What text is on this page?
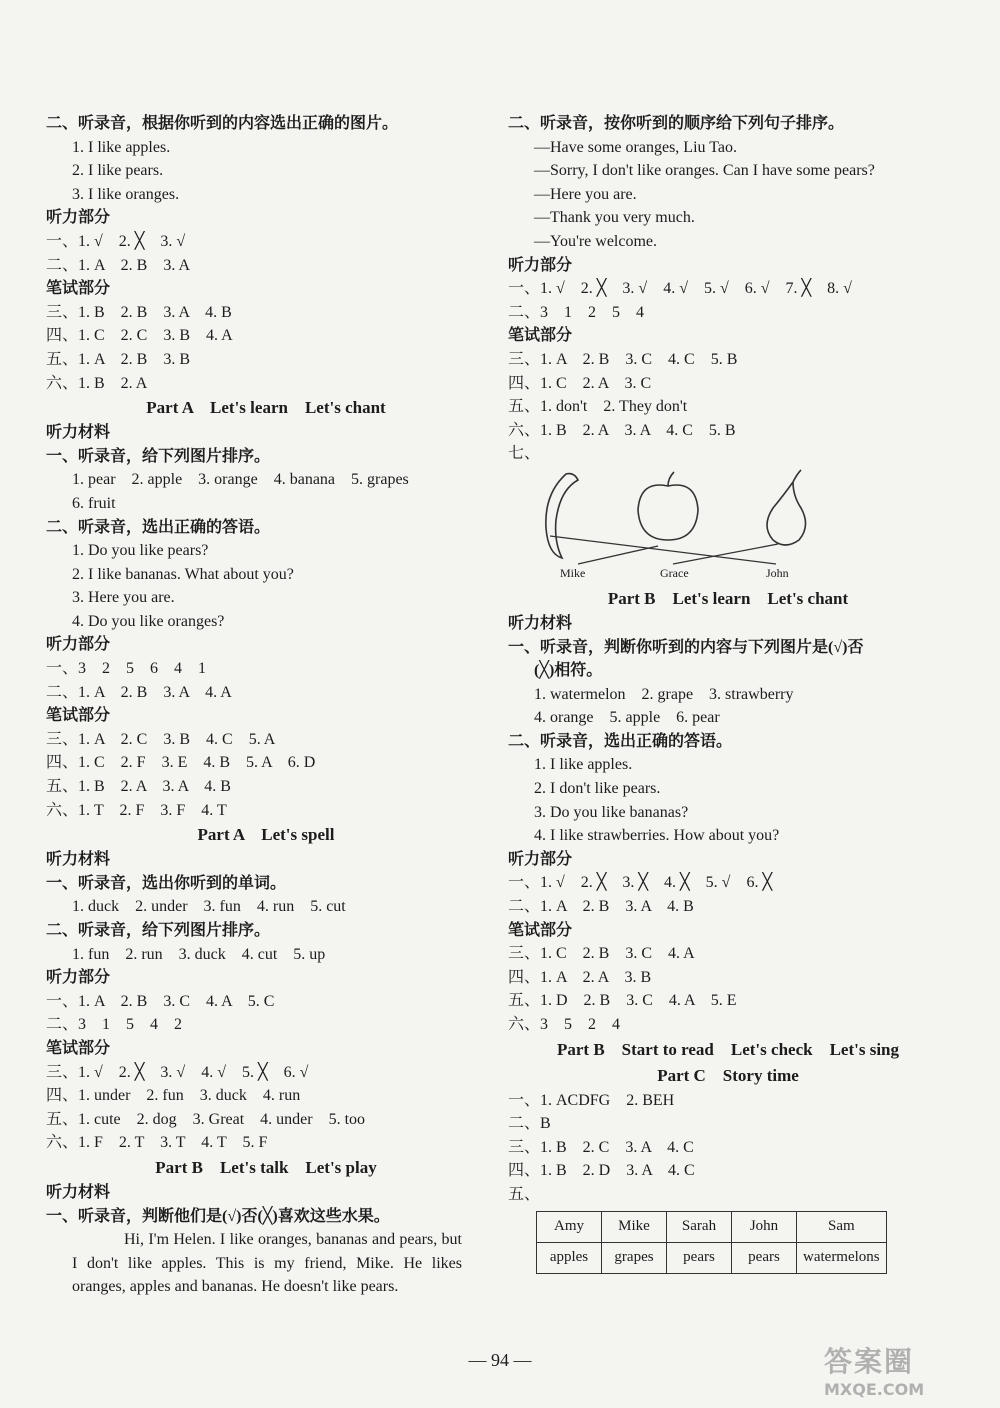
二、听录音，根据你听到的内容选出正确的图片。
1. I like apples.
2. I like pears.
3. I like oranges.
听力部分
一、1. √　2. ╳　3. √
二、1. A　2. B　3. A
笔试部分
三、1. B　2. B　3. A　4. B
四、1. C　2. C　3. B　4. A
五、1. A　2. B　3. B
六、1. B　2. A
Part A　Let's learn　Let's chant
听力材料
一、听录音，给下列图片排序。
1. pear　2. apple　3. orange　4. banana　5. grapes
6. fruit
二、听录音，选出正确的答语。
1. Do you like pears?
2. I like bananas. What about you?
3. Here you are.
4. Do you like oranges?
听力部分
一、3　2　5　6　4　1
二、1. A　2. B　3. A　4. A
笔试部分
三、1. A　2. C　3. B　4. C　5. A
四、1. C　2. F　3. E　4. B　5. A　6. D
五、1. B　2. A　3. A　4. B
六、1. T　2. F　3. F　4. T
Part A　Let's spell
听力材料
一、听录音，选出你听到的单词。
1. duck　2. under　3. fun　4. run　5. cut
二、听录音，给下列图片排序。
1. fun　2. run　3. duck　4. cut　5. up
听力部分
一、1. A　2. B　3. C　4. A　5. C
二、3　1　5　4　2
笔试部分
三、1. √　2. ╳　3. √　4. √　5. ╳　6. √
四、1. under　2. fun　3. duck　4. run
五、1. cute　2. dog　3. Great　4. under　5. too
六、1. F　2. T　3. T　4. T　5. F
Part B　Let's talk　Let's play
听力材料
一、听录音，判断他们是(√)否(╳)喜欢这些水果。
Hi, I'm Helen. I like oranges, bananas and pears, but I don't like apples. This is my friend, Mike. He likes oranges, apples and bananas. He doesn't like pears.
二、听录音，按你听到的顺序给下列句子排序。
—Have some oranges, Liu Tao.
—Sorry, I don't like oranges. Can I have some pears?
—Here you are.
—Thank you very much.
—You're welcome.
听力部分
一、1. √　2. ╳　3. √　4. √　5. √　6. √　7. ╳　8. √
二、3　1　2　5　4
笔试部分
三、1. A　2. B　3. C　4. C　5. B
四、1. C　2. A　3. C
五、1. don't　2. They don't
六、1. B　2. A　3. A　4. C　5. B
七、
Mike	Grace	John
Part B　Let's learn　Let's chant
听力材料
一、听录音，判断你听到的内容与下列图片是(√)否
(╳)相符。
1. watermelon　2. grape　3. strawberry
4. orange　5. apple　6. pear
二、听录音，选出正确的答语。
1. I like apples.
2. I don't like pears.
3. Do you like bananas?
4. I like strawberries. How about you?
听力部分
一、1. √　2. ╳　3. ╳　4. ╳　5. √　6. ╳
二、1. A　2. B　3. A　4. B
笔试部分
三、1. C　2. B　3. C　4. A
四、1. A　2. A　3. B
五、1. D　2. B　3. C　4. A　5. E
六、3　5　2　4
Part B　Start to read　Let's check　Let's sing
Part C　Story time
一、1. ACDFG　2. BEH
二、B
三、1. B　2. C　3. A　4. C
四、1. B　2. D　3. A　4. C
五、
Amy	Mike	Sarah	John	Sam
apples	grapes	pears	pears	watermelons
— 94 —	答案圈
MXQE.COM
